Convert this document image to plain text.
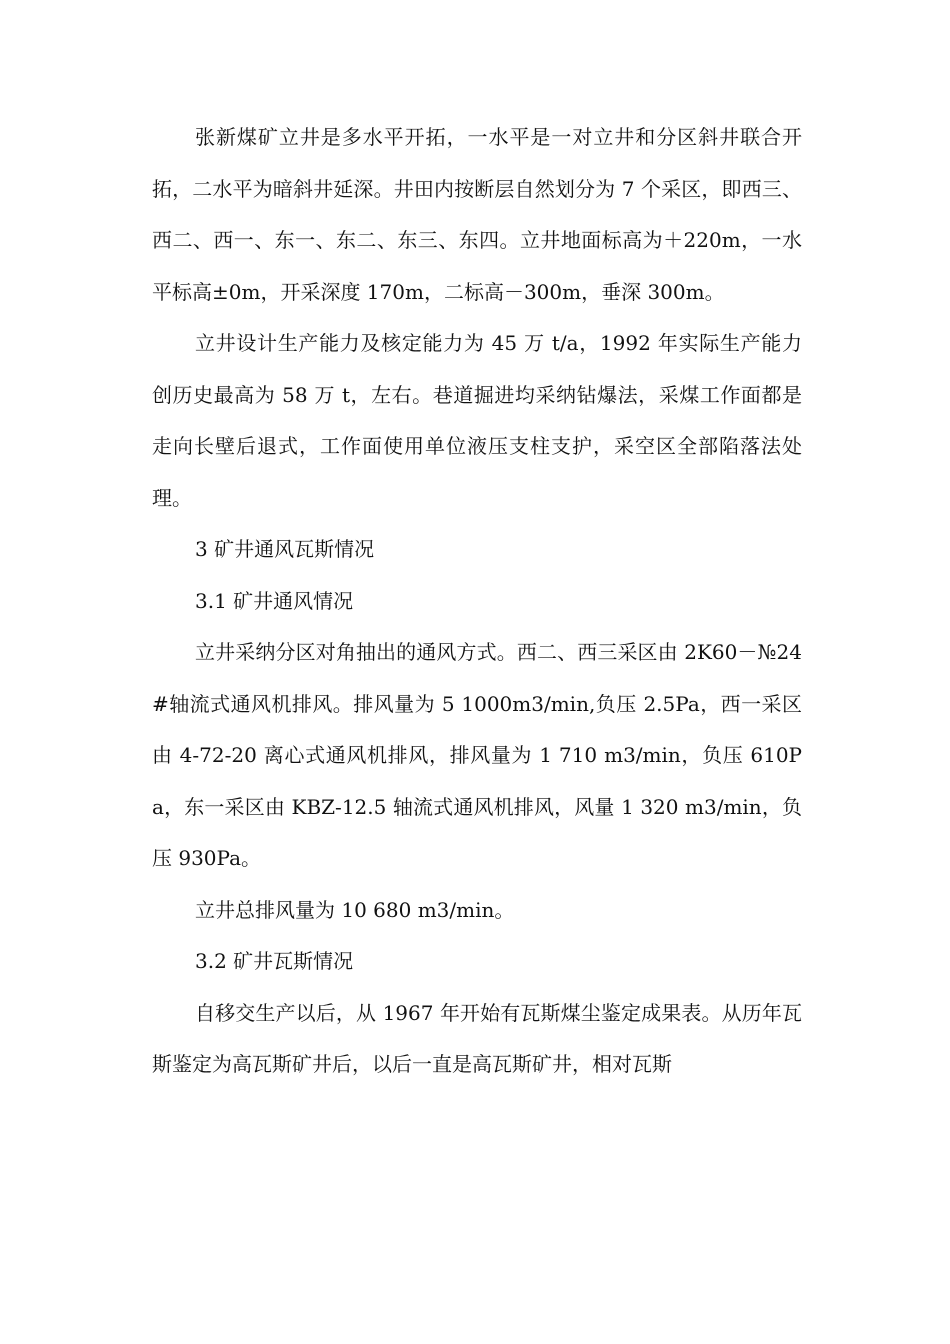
张新煤矿立井是多水平开拓，一水平是一对立井和分区斜井联合开拓，二水平为暗斜井延深。井田内按断层自然划分为 7 个采区，即西三、西二、西一、东一、东二、东三、东四。立井地面标高为＋220m，一水平标高±0m，开采深度 170m，二标高－300m，垂深 300m。

立井设计生产能力及核定能力为 45 万 t/a，1992 年实际生产能力创历史最高为 58 万 t，左右。巷道掘进均采纳钻爆法，采煤工作面都是走向长壁后退式，工作面使用单位液压支柱支护，采空区全部陷落法处理。

3 矿井通风瓦斯情况

3.1 矿井通风情况

立井采纳分区对角抽出的通风方式。西二、西三采区由 2K60－№24#轴流式通风机排风。排风量为 5 1000m3/min,负压 2.5Pa，西一采区由 4-72-20 离心式通风机排风，排风量为 1 710 m3/min，负压 610Pa，东一采区由 KBZ-12.5 轴流式通风机排风，风量 1 320 m3/min，负压 930Pa。

立井总排风量为 10 680 m3/min。

3.2 矿井瓦斯情况

自移交生产以后，从 1967 年开始有瓦斯煤尘鉴定成果表。从历年瓦斯鉴定为高瓦斯矿井后，以后一直是高瓦斯矿井，相对瓦斯
